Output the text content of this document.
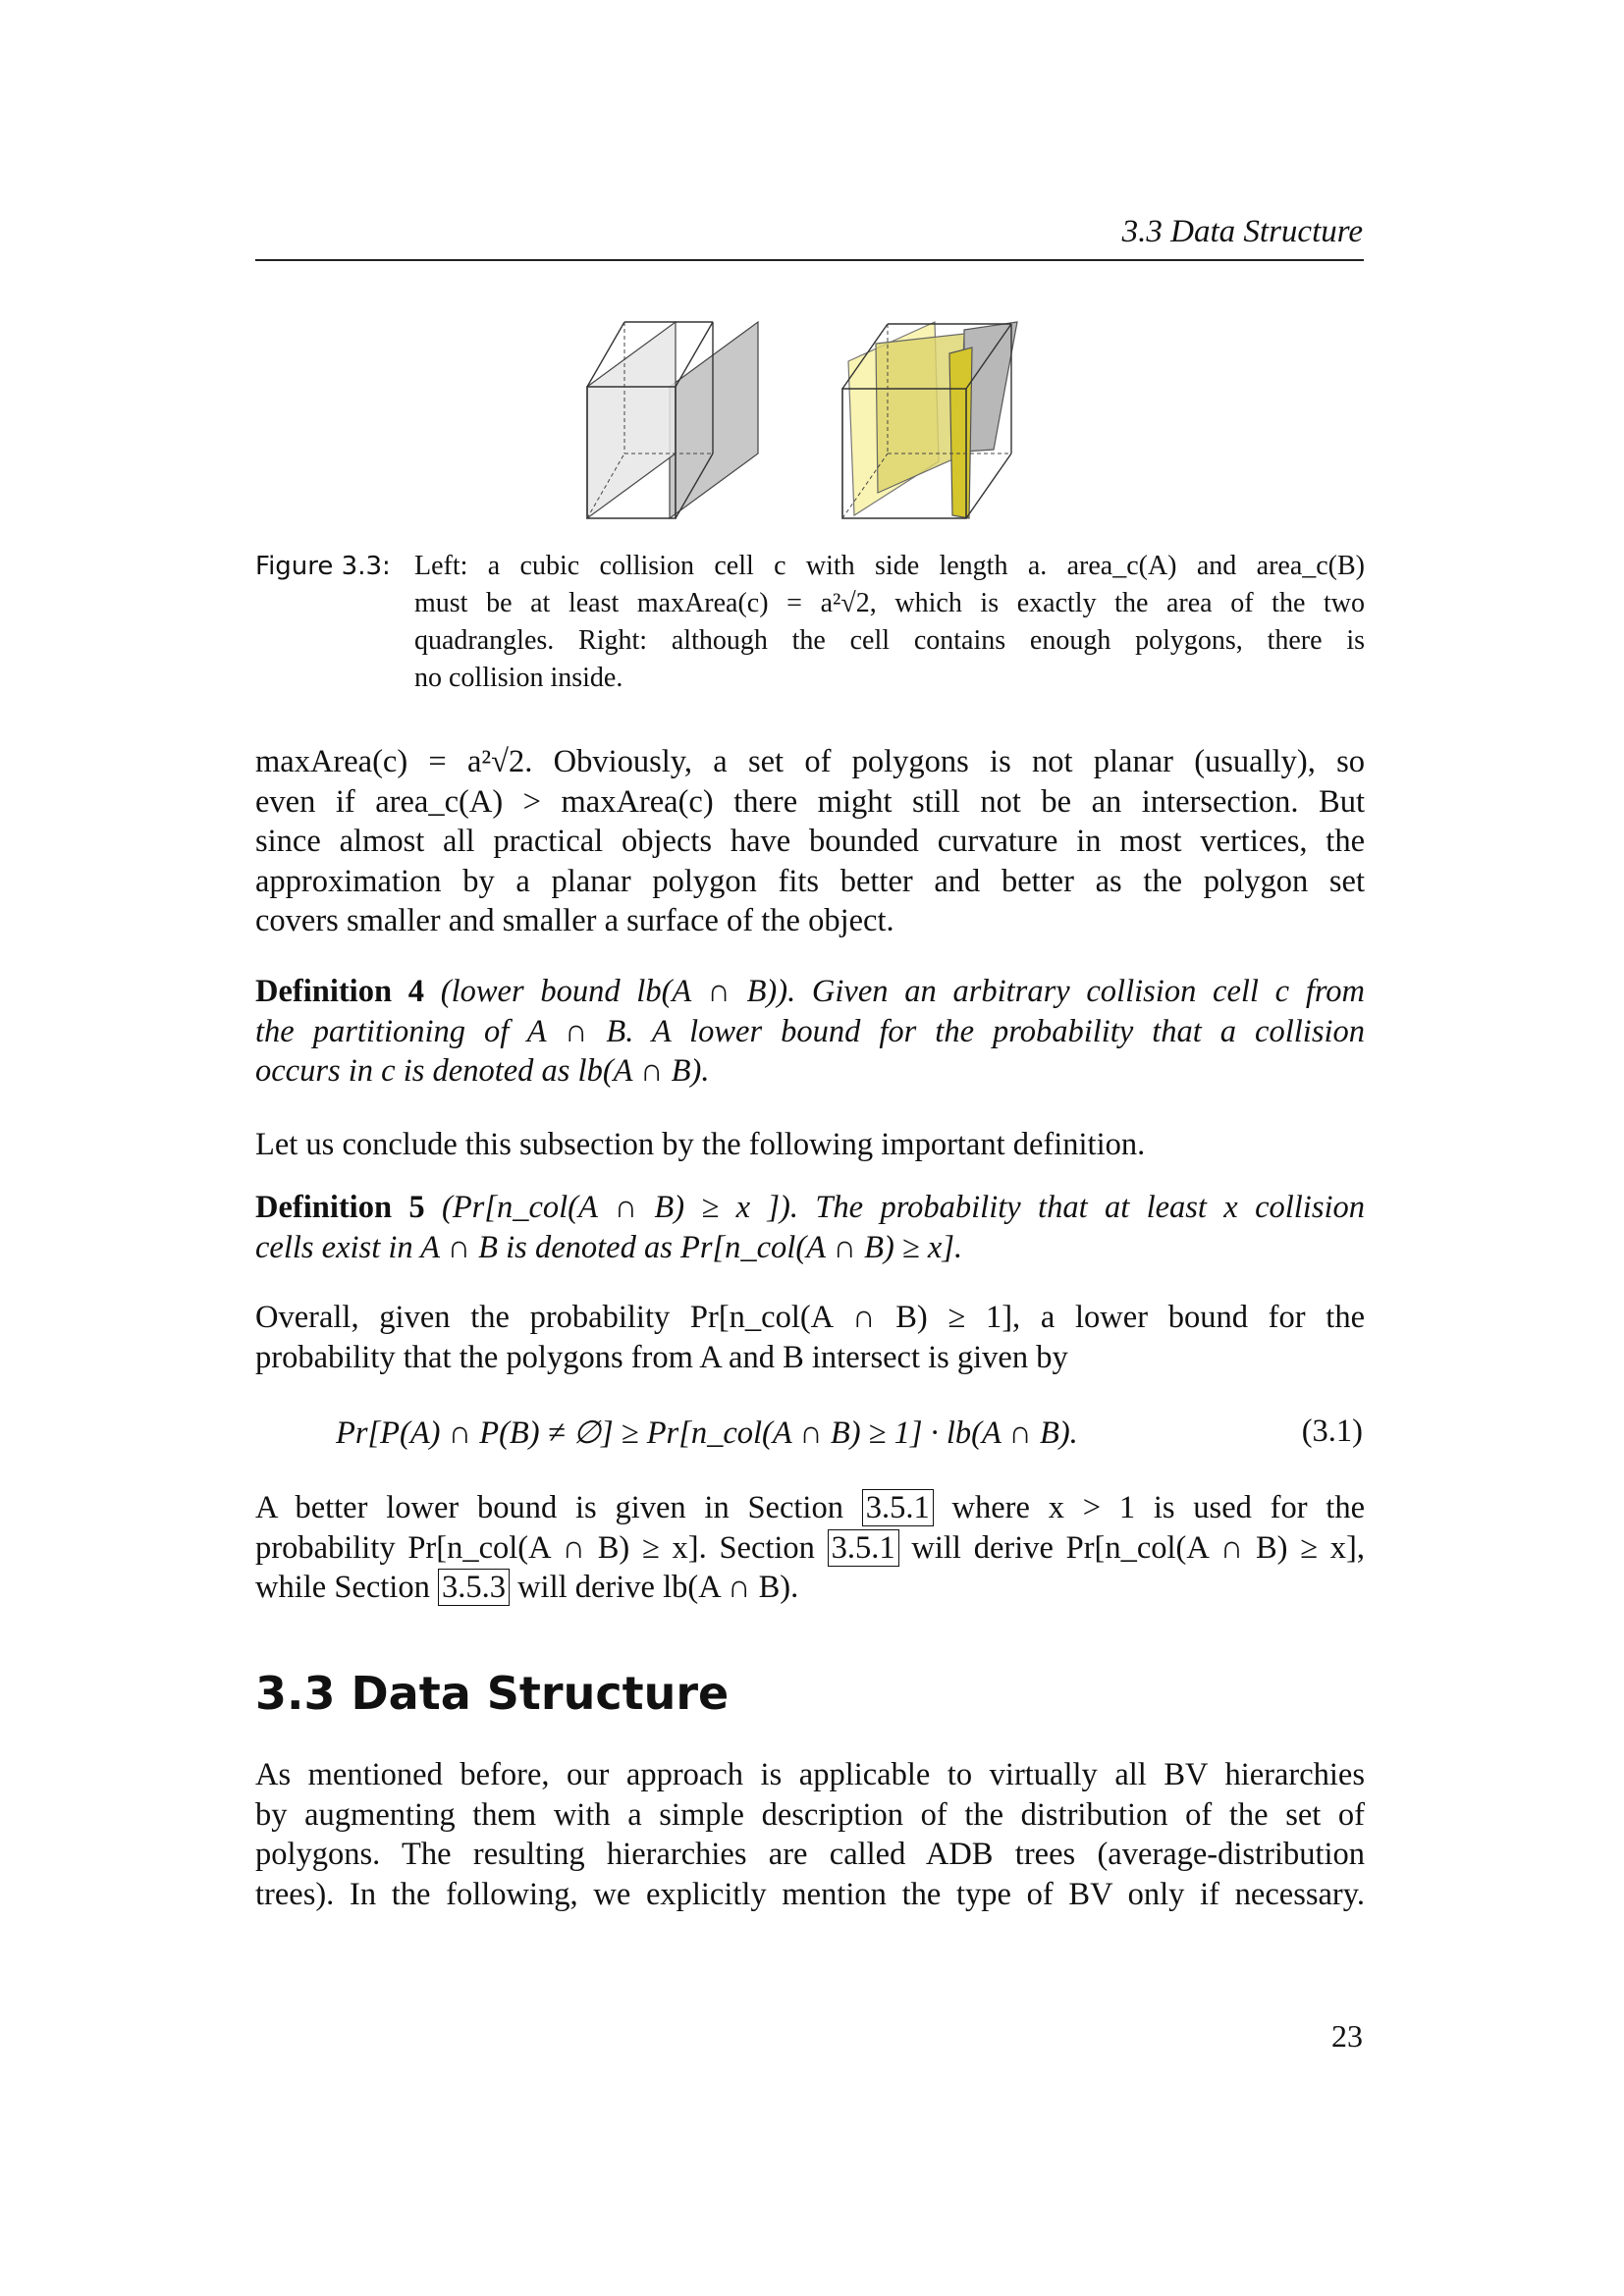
3.3 Data Structure
Figure 3.3: Left: a cubic collision cell c with side length a. area_c(A) and area_c(B)
must be at least maxArea(c) = a²√2, which is exactly the area of the two
quadrangles. Right: although the cell contains enough polygons, there is
no collision inside.
maxArea(c) = a²√2. Obviously, a set of polygons is not planar (usually), so
even if area_c(A) > maxArea(c) there might still not be an intersection. But
since almost all practical objects have bounded curvature in most vertices, the
approximation by a planar polygon fits better and better as the polygon set
covers smaller and smaller a surface of the object.
Definition 4 (lower bound lb(A ∩ B)). Given an arbitrary collision cell c from
the partitioning of A ∩ B. A lower bound for the probability that a collision
occurs in c is denoted as lb(A ∩ B).
Let us conclude this subsection by the following important definition.
Definition 5 (Pr[n_col(A ∩ B) ≥ x ]). The probability that at least x collision
cells exist in A ∩ B is denoted as Pr[n_col(A ∩ B) ≥ x].
Overall, given the probability Pr[n_col(A ∩ B) ≥ 1], a lower bound for the
probability that the polygons from A and B intersect is given by
Pr[P(A) ∩ P(B) ≠ ∅] ≥ Pr[n_col(A ∩ B) ≥ 1] · lb(A ∩ B).	(3.1)
A better lower bound is given in Section 3.5.1 where x > 1 is used for the
probability Pr[n_col(A ∩ B) ≥ x]. Section 3.5.1 will derive Pr[n_col(A ∩ B) ≥ x],
while Section 3.5.3 will derive lb(A ∩ B).
3.3 Data Structure
As mentioned before, our approach is applicable to virtually all BV hierarchies
by augmenting them with a simple description of the distribution of the set of
polygons. The resulting hierarchies are called ADB trees (average-distribution
trees). In the following, we explicitly mention the type of BV only if necessary.
23
